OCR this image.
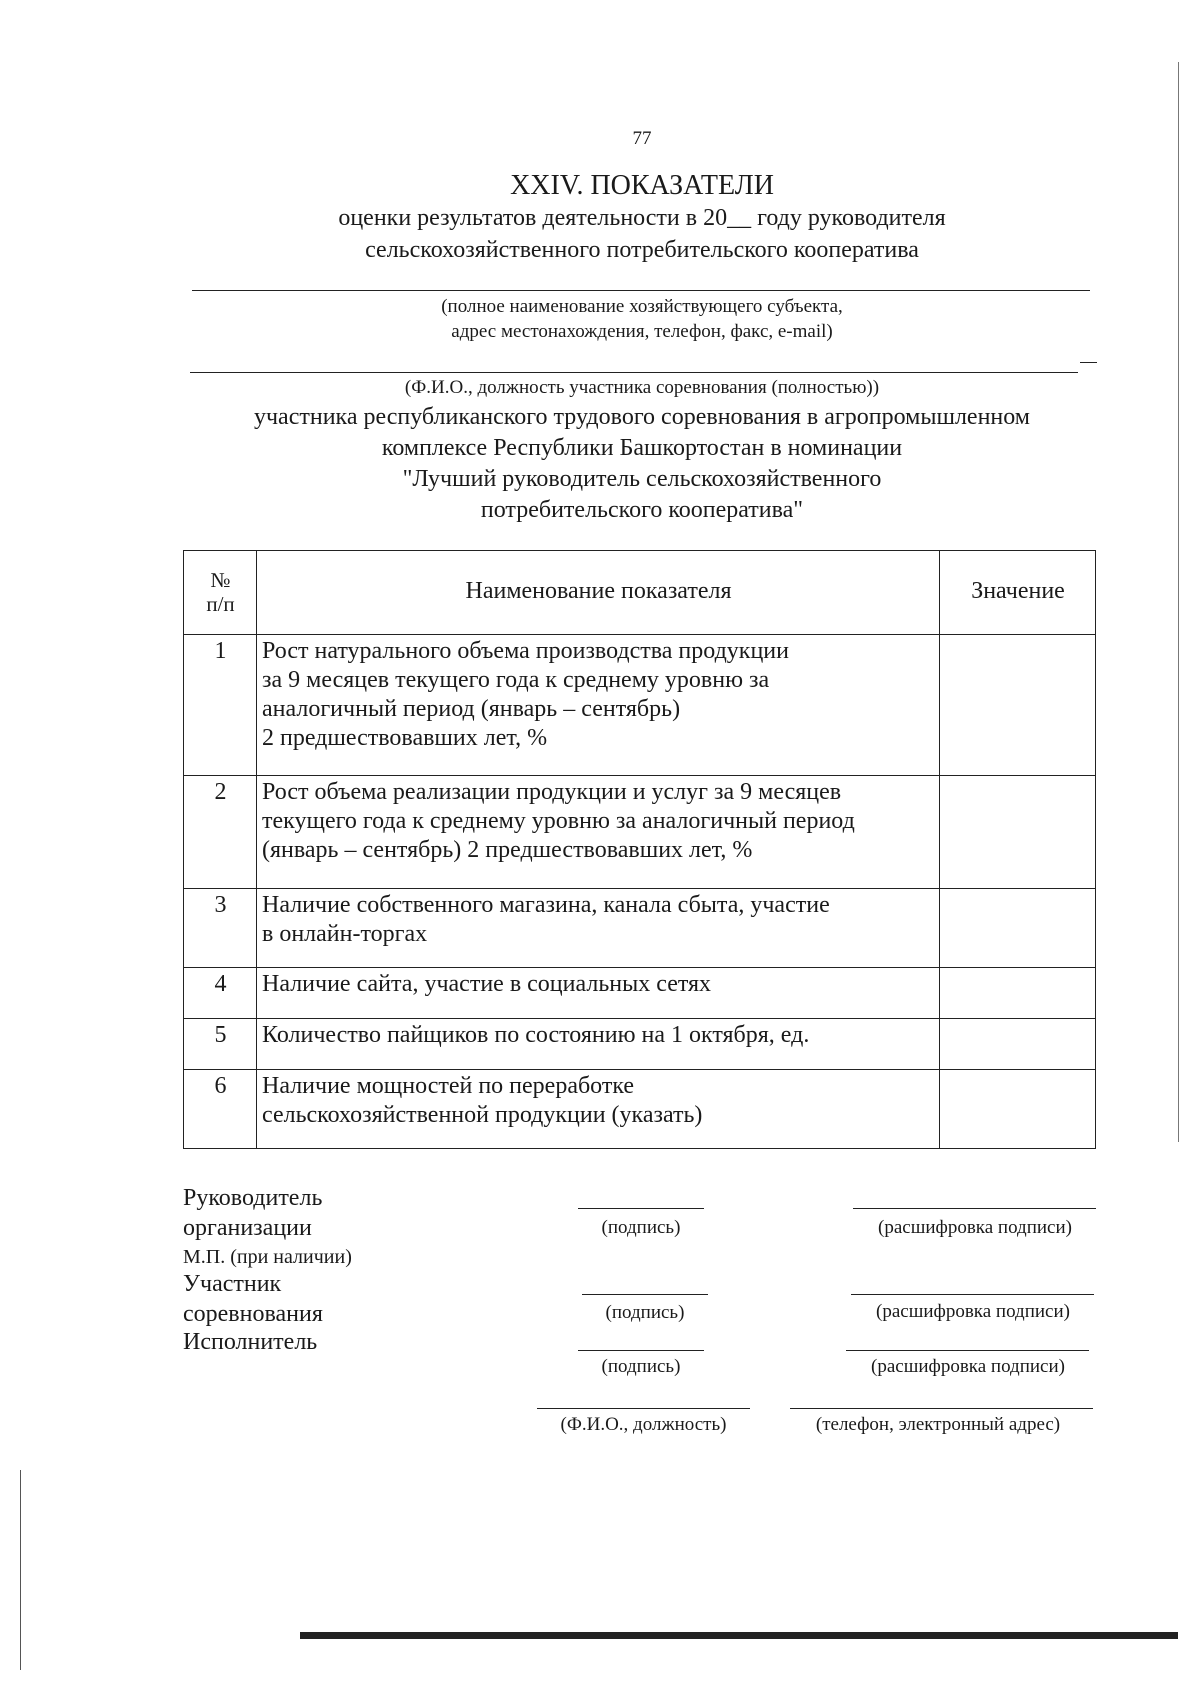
77
XXIV. ПОКАЗАТЕЛИ
оценки результатов деятельности в 20__ году руководителя
сельскохозяйственного потребительского кооператива
(полное наименование хозяйствующего субъекта,
адрес местонахождения, телефон, факс, e-mail)
(Ф.И.О., должность участника соревнования (полностью))
участника республиканского трудового соревнования в агропромышленном
комплексе Республики Башкортостан в номинации
"Лучший руководитель сельскохозяйственного
потребительского кооператива"
№
п/п	Наименование показателя	Значение
1	Рост натурального объема производства продукции
за 9 месяцев текущего года к среднему уровню за
аналогичный период (январь – сентябрь)
2 предшествовавших лет, %	

2	Рост объема реализации продукции и услуг за 9 месяцев
текущего года к среднему уровню за аналогичный период
(январь – сентябрь) 2 предшествовавших лет, %	

3	Наличие собственного магазина, канала сбыта, участие
в онлайн-торгах	

4	Наличие сайта, участие в социальных сетях	

5	Количество пайщиков по состоянию на 1 октября, ед.	

6	Наличие мощностей по переработке
сельскохозяйственной продукции (указать)	

Руководитель
организации
М.П. (при наличии)
Участник
соревнования
Исполнитель
(подпись)	(расшифровка подписи)
(подпись)	(расшифровка подписи)
(подпись)	(расшифровка подписи)
(Ф.И.О., должность)	(телефон, электронный адрес)
